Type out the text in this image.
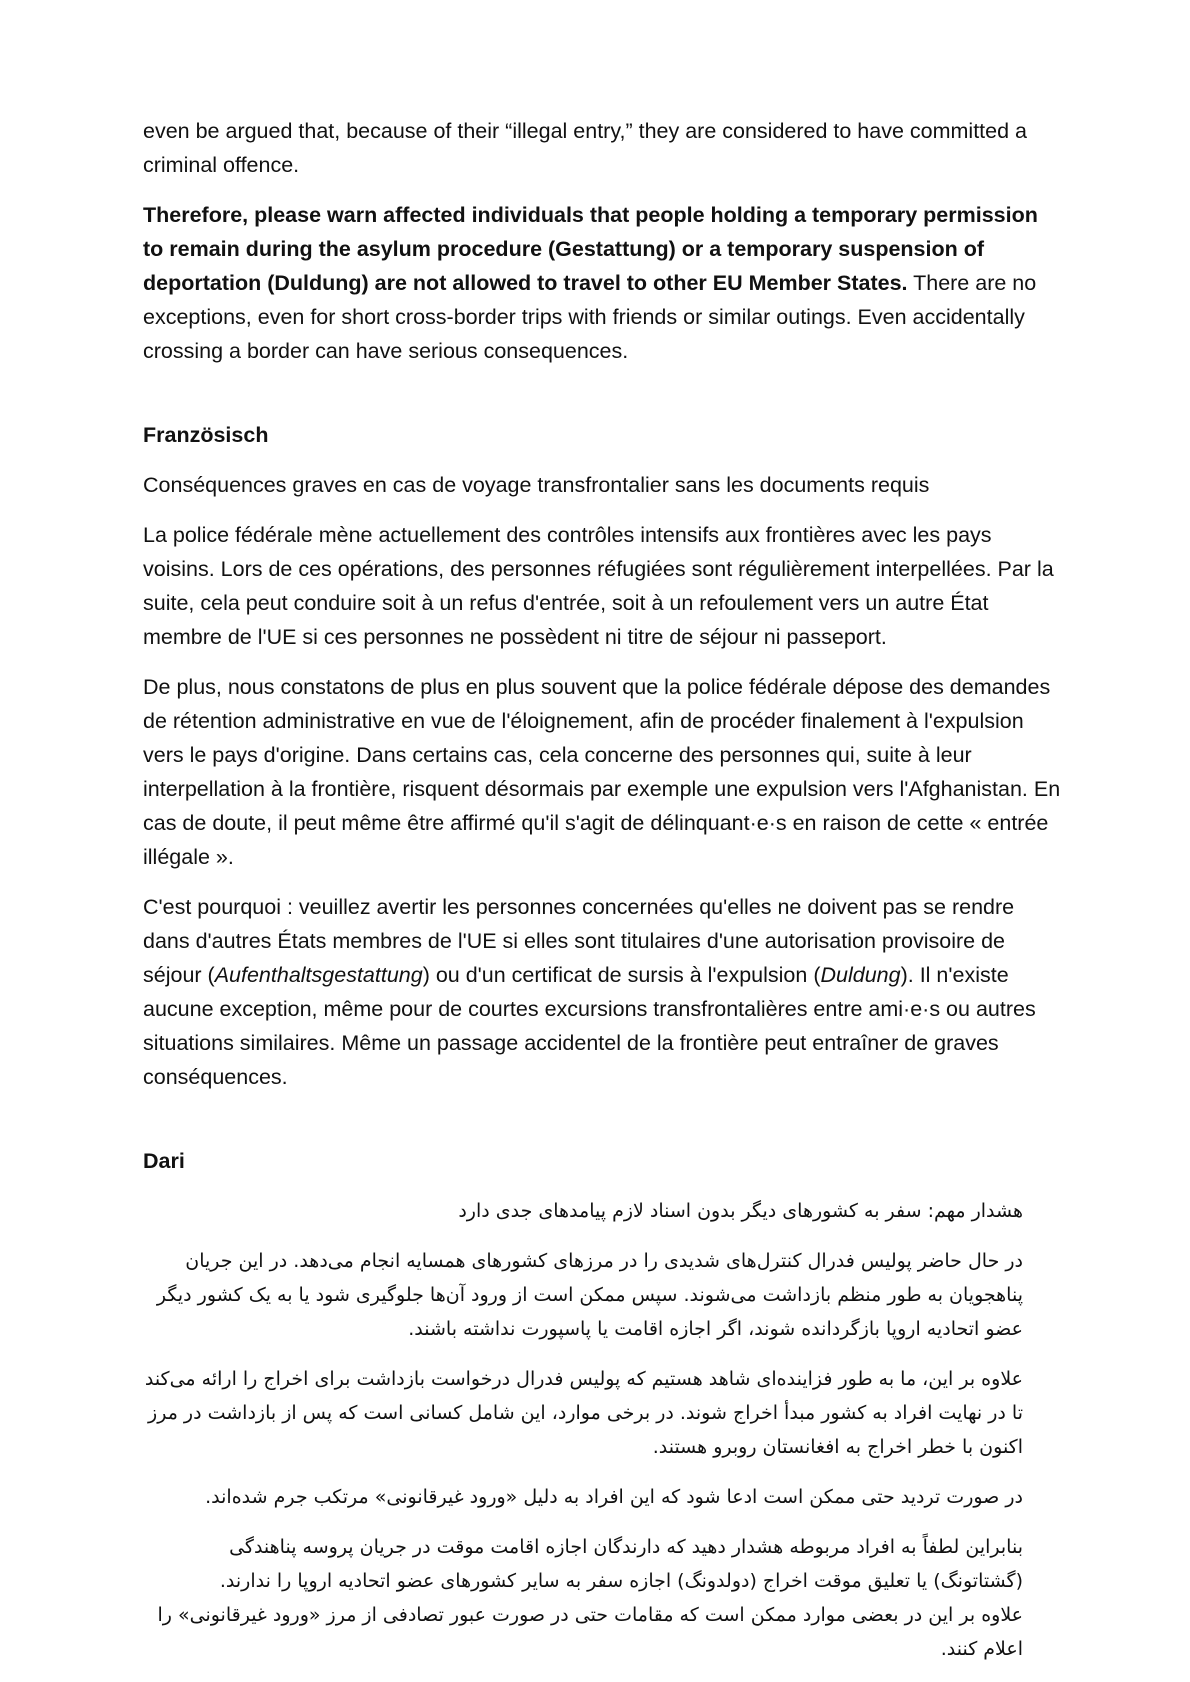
even be argued that, because of their “illegal entry,” they are considered to have committed a criminal offence.

Therefore, please warn affected individuals that people holding a temporary permission to remain during the asylum procedure (Gestattung) or a temporary suspension of deportation (Duldung) are not allowed to travel to other EU Member States. There are no exceptions, even for short cross-border trips with friends or similar outings. Even accidentally crossing a border can have serious consequences.

Französisch

Conséquences graves en cas de voyage transfrontalier sans les documents requis

La police fédérale mène actuellement des contrôles intensifs aux frontières avec les pays voisins. Lors de ces opérations, des personnes réfugiées sont régulièrement interpellées. Par la suite, cela peut conduire soit à un refus d'entrée, soit à un refoulement vers un autre État membre de l'UE si ces personnes ne possèdent ni titre de séjour ni passeport.

De plus, nous constatons de plus en plus souvent que la police fédérale dépose des demandes de rétention administrative en vue de l'éloignement, afin de procéder finalement à l'expulsion vers le pays d'origine. Dans certains cas, cela concerne des personnes qui, suite à leur interpellation à la frontière, risquent désormais par exemple une expulsion vers l'Afghanistan. En cas de doute, il peut même être affirmé qu'il s'agit de délinquant·e·s en raison de cette « entrée illégale ».

C'est pourquoi : veuillez avertir les personnes concernées qu'elles ne doivent pas se rendre dans d'autres États membres de l'UE si elles sont titulaires d'une autorisation provisoire de séjour (Aufenthaltsgestattung) ou d'un certificat de sursis à l'expulsion (Duldung). Il n'existe aucune exception, même pour de courtes excursions transfrontalières entre ami·e·s ou autres situations similaires. Même un passage accidentel de la frontière peut entraîner de graves conséquences.

Dari

هشدار مهم: سفر به کشورهای دیگر بدون اسناد لازم پیامدهای جدی دارد

در حال حاضر پولیس فدرال کنترل‌های شدیدی را در مرزهای کشورهای همسایه انجام می‌دهد. در این جریان پناهجویان به طور منظم بازداشت می‌شوند. سپس ممکن است از ورود آن‌ها جلوگیری شود یا به یک کشور دیگر عضو اتحادیه اروپا بازگردانده شوند، اگر اجازه اقامت یا پاسپورت نداشته باشند.

علاوه بر این، ما به طور فزاینده‌ای شاهد هستیم که پولیس فدرال درخواست بازداشت برای اخراج را ارائه می‌کند تا در نهایت افراد به کشور مبدأ اخراج شوند. در برخی موارد، این شامل کسانی است که پس از بازداشت در مرز اکنون با خطر اخراج به افغانستان روبرو هستند.

در صورت تردید حتی ممکن است ادعا شود که این افراد به دلیل «ورود غیرقانونی» مرتکب جرم شده‌اند.

بنابراین لطفاً به افراد مربوطه هشدار دهید که دارندگان اجازه اقامت موقت در جریان پروسه پناهندگی (گشتاتونگ) یا تعلیق موقت اخراج (دولدونگ) اجازه سفر به سایر کشورهای عضو اتحادیه اروپا را ندارند.

علاوه بر این در بعضی موارد ممکن است که مقامات حتی در صورت عبور تصادفی از مرز «ورود غیرقانونی» را اعلام کنند.
